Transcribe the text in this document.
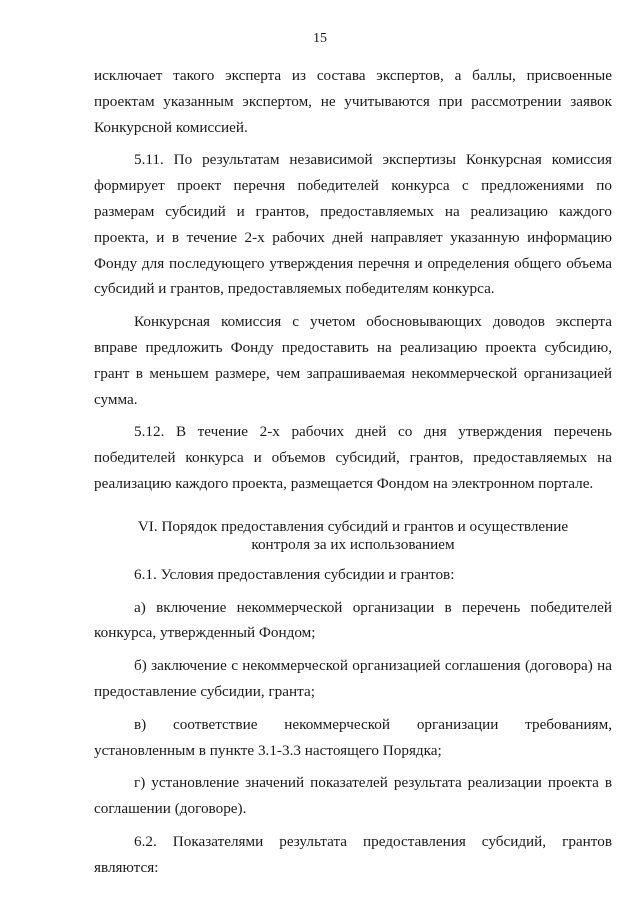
15

исключает такого эксперта из состава экспертов, а баллы, присвоенные проектам указанным экспертом, не учитываются при рассмотрении заявок Конкурсной комиссией.

5.11. По результатам независимой экспертизы Конкурсная комиссия формирует проект перечня победителей конкурса с предложениями по размерам субсидий и грантов, предоставляемых на реализацию каждого проекта, и в течение 2-х рабочих дней направляет указанную информацию Фонду для последующего утверждения перечня и определения общего объема субсидий и грантов, предоставляемых победителям конкурса.

Конкурсная комиссия с учетом обосновывающих доводов эксперта вправе предложить Фонду предоставить на реализацию проекта субсидию, грант в меньшем размере, чем запрашиваемая некоммерческой организацией сумма.

5.12. В течение 2-х рабочих дней со дня утверждения перечень победителей конкурса и объемов субсидий, грантов, предоставляемых на реализацию каждого проекта, размещается Фондом на электронном портале.

VI. Порядок предоставления субсидий и грантов и осуществление
контроля за их использованием

6.1. Условия предоставления субсидии и грантов:

а) включение некоммерческой организации в перечень победителей конкурса, утвержденный Фондом;

б) заключение с некоммерческой организацией соглашения (договора) на предоставление субсидии, гранта;

в) соответствие некоммерческой организации требованиям, установленным в пункте 3.1-3.3 настоящего Порядка;

г) установление значений показателей результата реализации проекта в соглашении (договоре).

6.2. Показателями результата предоставления субсидий, грантов являются:
